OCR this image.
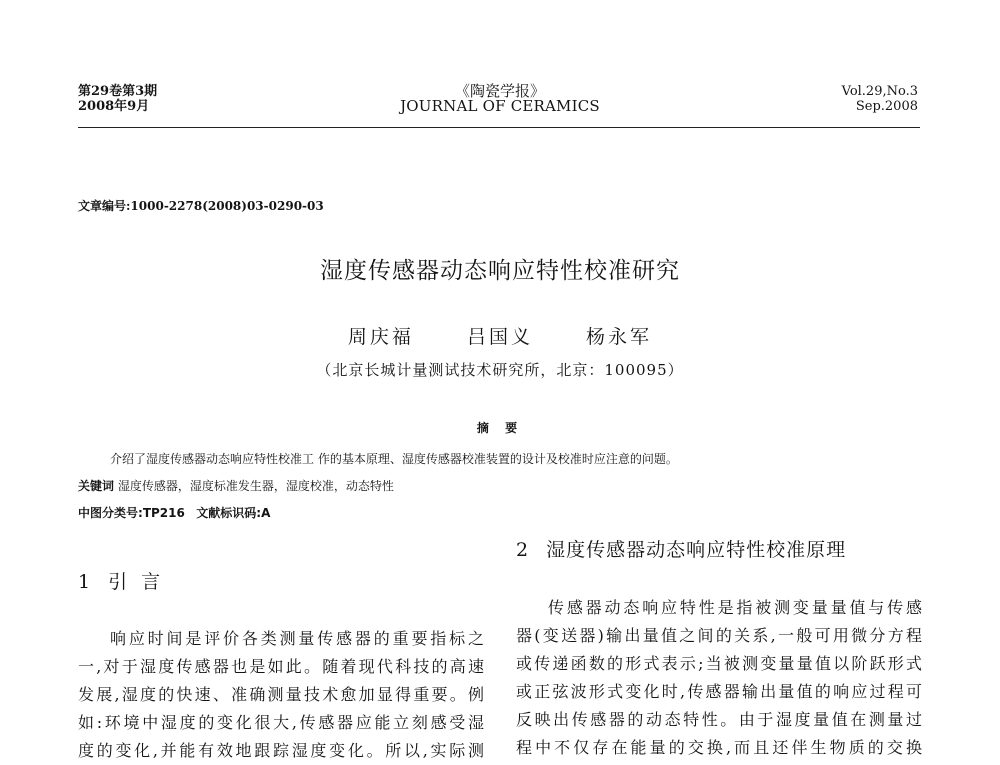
第29卷第3期
2008年9月
《陶瓷学报》
JOURNAL OF CERAMICS
Vol.29,No.3
Sep.2008
文章编号:1000-2278(2008)03-0290-03
湿度传感器动态响应特性校准研究
周庆福	吕国义	杨永军
（北京长城计量测试技术研究所，北京：100095）
摘 要
介绍了湿度传感器动态响应特性校准工 作的基本原理、湿度传感器校准装置的设计及校准时应注意的问题。
关键词 湿度传感器，湿度标准发生器，湿度校准，动态特性
中图分类号:TP216 文献标识码:A
1 引言
2 湿度传感器动态响应特性校准原理
响应时间是评价各类测量传感器的重要指标之
一,对于湿度传感器也是如此。随着现代科技的高速
发展,湿度的快速、准确测量技术愈加显得重要。例
如:环境中湿度的变化很大,传感器应能立刻感受湿
度的变化,并能有效地跟踪湿度变化。所以,实际测
传感器动态响应特性是指被测变量量值与传感
器(变送器)输出量值之间的关系,一般可用微分方程
或传递函数的形式表示;当被测变量量值以阶跃形式
或正弦波形式变化时,传感器输出量值的响应过程可
反映出传感器的动态特性。由于湿度量值在测量过
程中不仅存在能量的交换,而且还伴生物质的交换
